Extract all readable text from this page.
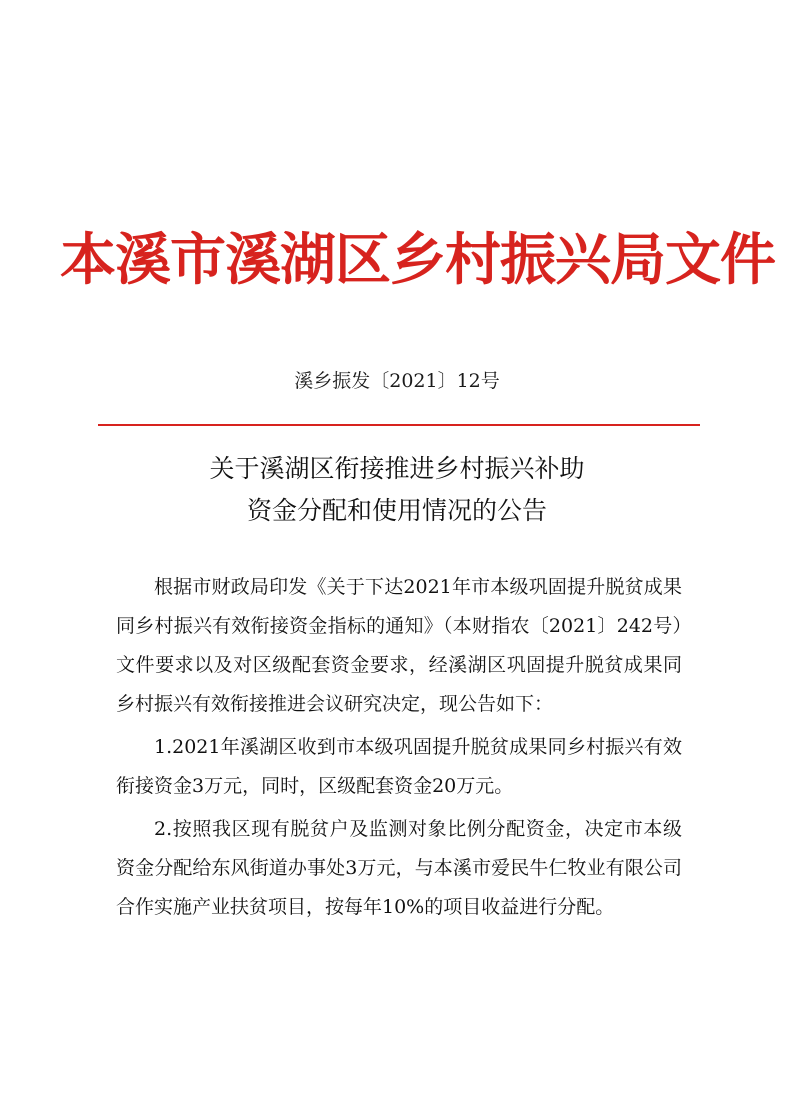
本溪市溪湖区乡村振兴局文件
溪乡振发〔2021〕12号
关于溪湖区衔接推进乡村振兴补助
资金分配和使用情况的公告

根据市财政局印发《关于下达2021年市本级巩固提升脱贫成果同乡村振兴有效衔接资金指标的通知》（本财指农〔2021〕242号）文件要求以及对区级配套资金要求，经溪湖区巩固提升脱贫成果同乡村振兴有效衔接推进会议研究决定，现公告如下：

1.2021年溪湖区收到市本级巩固提升脱贫成果同乡村振兴有效衔接资金3万元，同时，区级配套资金20万元。

2.按照我区现有脱贫户及监测对象比例分配资金，决定市本级资金分配给东风街道办事处3万元，与本溪市爱民牛仁牧业有限公司合作实施产业扶贫项目，按每年10%的项目收益进行分配。
